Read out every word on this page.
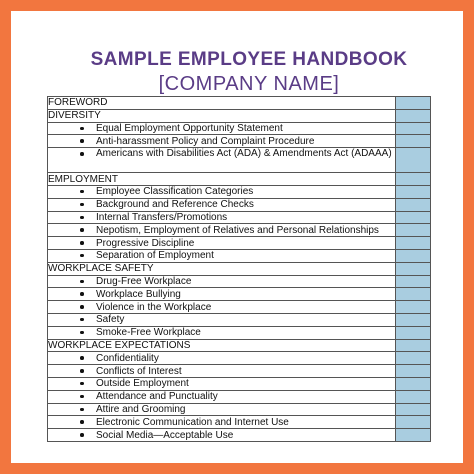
SAMPLE EMPLOYEE HANDBOOK
[COMPANY NAME]
FOREWORD	
DIVERSITY	

Equal Employment Opportunity Statement	

Anti-harassment Policy and Complaint Procedure	

Americans with Disabilities Act (ADA) & Amendments Act (ADAAA)	
EMPLOYMENT	

Employee Classification Categories	

Background and Reference Checks	

Internal Transfers/Promotions	

Nepotism, Employment of Relatives and Personal Relationships	

Progressive Discipline	

Separation of Employment	
WORKPLACE SAFETY	

Drug-Free Workplace	

Workplace Bullying	

Violence in the Workplace	

Safety	

Smoke-Free Workplace	
WORKPLACE EXPECTATIONS	

Confidentiality	

Conflicts of Interest	

Outside Employment	

Attendance and Punctuality	

Attire and Grooming	

Electronic Communication and Internet Use	

Social Media—Acceptable Use	
